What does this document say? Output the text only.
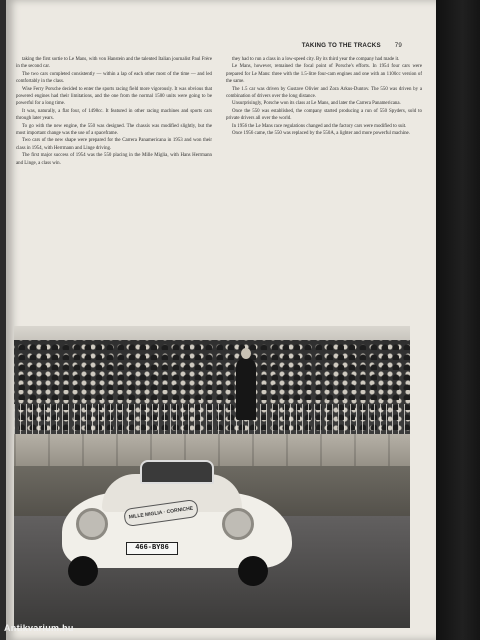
TAKING TO THE TRACKS 79

taking the first sortie to Le Mans, with von Hanstein and the talented Italian journalist Paul Frère in the second car.

The two cars completed consistently — within a lap of each other most of the time — and led comfortably in the class.

Wise Ferry Porsche decided to enter the sports racing field more vigorously. It was obvious that powered engines had their limitations, and the one from the normal 1500 units were going to be powerful for a long time.

It was, naturally, a flat four, of 1498cc. It featured in other racing machines and sports cars through later years.

To go with the new engine, the 550 was designed. The chassis was modified slightly, but the most important change was the use of a spaceframe.

Two cars of the new shape were prepared for the Carrera Panamericana in 1953 and won their class in 1954, with Herrmann and Linge driving.

The first major success of 1954 was the 550 placing in the Mille Miglia, with Hans Herrmann and Linge, a class win.

they had to run a class in a low-speed city. By its third year the company had made it.

Le Mans, however, remained the focal point of Porsche's efforts. In 1954 four cars were prepared for Le Mans: three with the 1.5-litre four-cam engines and one with an 1100cc version of the same.

The 1.5 car was driven by Gustave Olivier and Zora Arkus-Duntov. The 550 was driven by a combination of drivers over the long distance.

Unsurprisingly, Porsche won its class at Le Mans, and later the Carrera Panamericana.

Once the 550 was established, the company started producing a run of 550 Spyders, sold to private drivers all over the world.

In 1956 the Le Mans race regulations changed and the factory cars were modified to suit.

Once 1956 came, the 550 was replaced by the 550A, a lighter and more powerful machine.

MILLE MIGLIA · CORNICHE
466-BY86
Antikvarium.hu
